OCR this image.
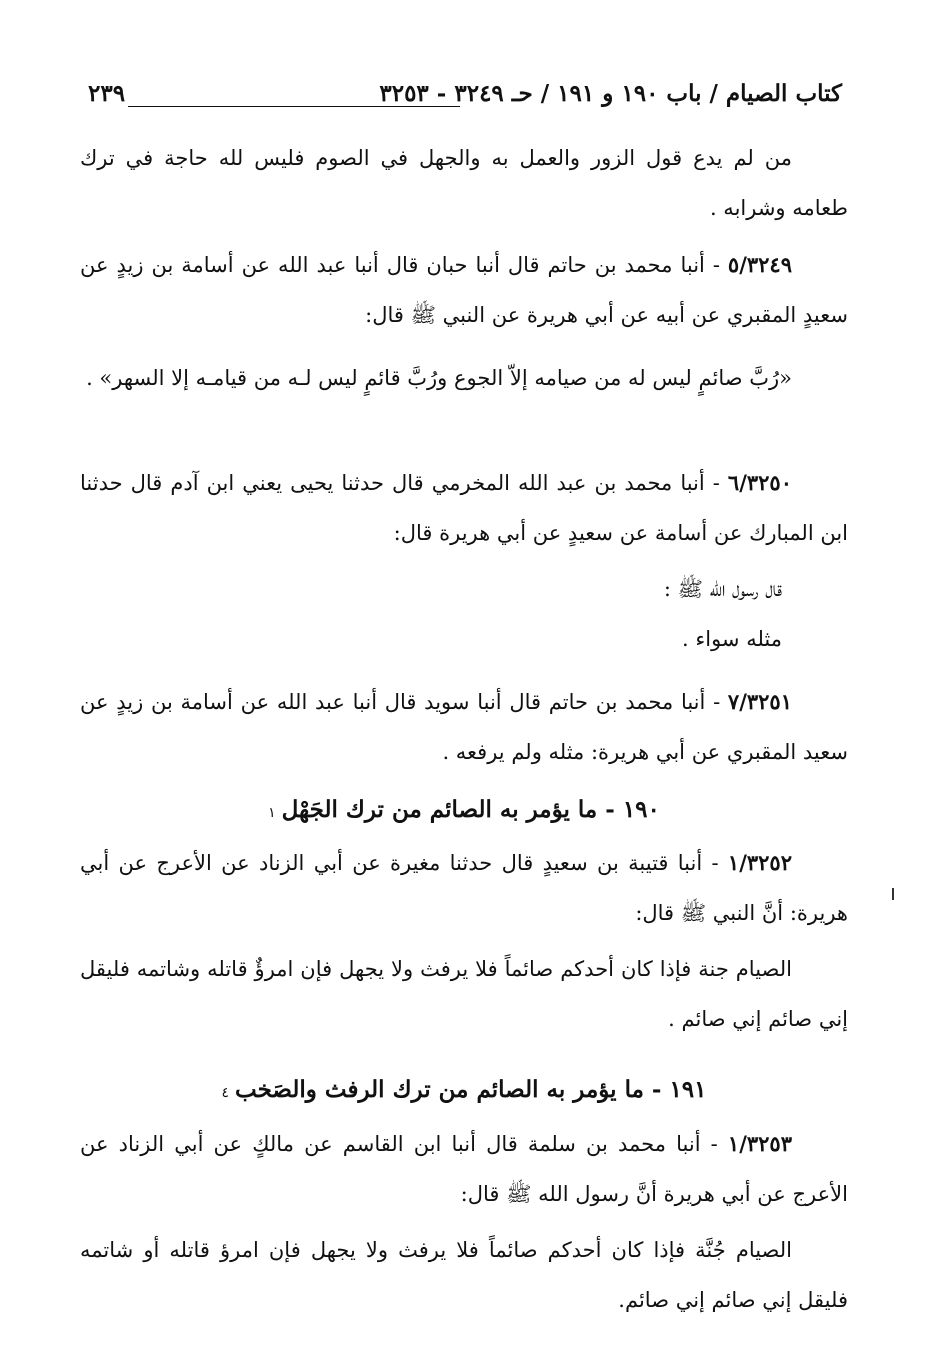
كتاب الصيام / باب ١٩٠ و ١٩١ / حـ ٣٢٤٩ - ٣٢٥٣
٢٣٩

من لم يدع قول الزور والعمل به والجهل في الصوم فليس لله حاجة في ترك طعامه وشرابه .

٥/٣٢٤٩ - أنبا محمد بن حاتم قال أنبا حبان قال أنبا عبد الله عن أسامة بن زيدٍ عن سعيدٍ المقبري عن أبيه عن أبي هريرة عن النبي ﷺ قال:

«رُبَّ صائمٍ ليس له من صيامه إلاّ الجوع ورُبَّ قائمٍ ليس لـه من قيامـه إلا السهر» .

٦/٣٢٥٠ - أنبا محمد بن عبد الله المخرمي قال حدثنا يحيى يعني ابن آدم قال حدثنا ابن المبارك عن أسامة عن سعيدٍ عن أبي هريرة قال:

قال رسول الله ﷺ :
مثله سواء .

٧/٣٢٥١ - أنبا محمد بن حاتم قال أنبا سويد قال أنبا عبد الله عن أسامة بن زيدٍ عن سعيد المقبري عن أبي هريرة: مثله ولم يرفعه .

١٩٠ - ما يؤمر به الصائم من ترك الجَهْل١

١/٣٢٥٢ - أنبا قتيبة بن سعيدٍ قال حدثنا مغيرة عن أبي الزناد عن الأعرج عن أبي هريرة: أنَّ النبي ﷺ قال:

الصيام جنة فإذا كان أحدكم صائماً فلا يرفث ولا يجهل فإن امرؤٌ قاتله وشاتمه فليقل إني صائم إني صائم .

١٩١ - ما يؤمر به الصائم من ترك الرفث والصَخب٤

١/٣٢٥٣ - أنبا محمد بن سلمة قال أنبا ابن القاسم عن مالكٍ عن أبي الزناد عن الأعرج عن أبي هريرة أنَّ رسول الله ﷺ قال:

الصيام جُنَّة فإذا كان أحدكم صائماً فلا يرفث ولا يجهل فإن امرؤ قاتله أو شاتمه فليقل إني صائم إني صائم.
